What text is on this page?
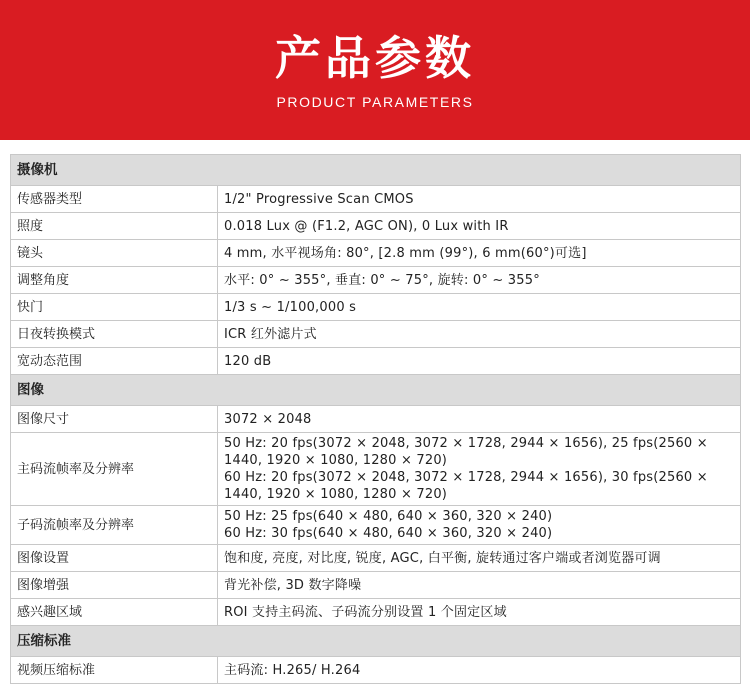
产品参数
PRODUCT PARAMETERS
摄像机	
传感器类型	1/2" Progressive Scan CMOS

照度	0.018 Lux @ (F1.2, AGC ON), 0 Lux with IR

镜头	4 mm, 水平视场角: 80°, [2.8 mm (99°), 6 mm(60°)可选]

调整角度	水平: 0° ~ 355°, 垂直: 0° ~ 75°, 旋转: 0° ~ 355°

快门	1/3 s ~ 1/100,000 s

日夜转换模式	ICR 红外滤片式

宽动态范围	120 dB

图像	
图像尺寸	3072 × 2048

主码流帧率及分辨率	50 Hz: 20 fps(3072 × 2048, 3072 × 1728, 2944 × 1656), 25 fps(2560 ×
1440, 1920 × 1080, 1280 × 720)
60 Hz: 20 fps(3072 × 2048, 3072 × 1728, 2944 × 1656), 30 fps(2560 ×
1440, 1920 × 1080, 1280 × 720)

子码流帧率及分辨率	50 Hz: 25 fps(640 × 480, 640 × 360, 320 × 240)
60 Hz: 30 fps(640 × 480, 640 × 360, 320 × 240)

图像设置	饱和度, 亮度, 对比度, 锐度, AGC, 白平衡, 旋转通过客户端或者浏览器可调

图像增强	背光补偿, 3D 数字降噪

感兴趣区域	ROI 支持主码流、子码流分别设置 1 个固定区域

压缩标准	
视频压缩标准	主码流: H.265/ H.264
